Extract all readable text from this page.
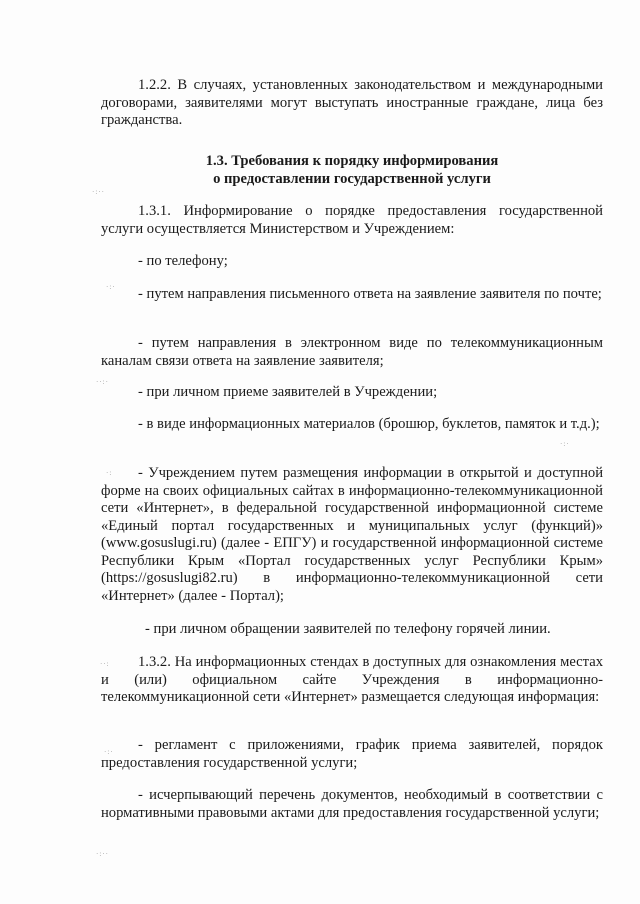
1.2.2. В случаях, установленных законодательством и международными договорами, заявителями могут выступать иностранные граждане, лица без гражданства.

1.3. Требования к порядку информирования
о предоставлении государственной услуги

1.3.1. Информирование о порядке предоставления государственной услуги осуществляется Министерством и Учреждением:

- по телефону;

- путем направления письменного ответа на заявление заявителя по почте;

- путем направления в электронном виде по телекоммуникационным каналам связи ответа на заявление заявителя;

- при личном приеме заявителей в Учреждении;

- в виде информационных материалов (брошюр, буклетов, памяток и т.д.);

- Учреждением путем размещения информации в открытой и доступной форме на своих официальных сайтах в информационно-телекоммуникационной сети «Интернет», в федеральной государственной информационной системе «Единый портал государственных и муниципальных услуг (функций)» (www.gosuslugi.ru) (далее - ЕПГУ) и государственной информационной системе Республики Крым «Портал государственных услуг Республики Крым» (https://gosuslugi82.ru) в информационно-телекоммуникационной сети «Интернет» (далее - Портал);

- при личном обращении заявителей по телефону горячей линии.

1.3.2. На информационных стендах в доступных для ознакомления местах и (или) официальном сайте Учреждения в информационно-телекоммуникационной сети «Интернет» размещается следующая информация:

- регламент с приложениями, график приема заявителей, порядок предоставления государственной услуги;

- исчерпывающий перечень документов, необходимый в соответствии с нормативными правовыми актами для предоставления государственной услуги;

·:··
·:·
··:·
·:
·:·
··:
·:·
·:··
